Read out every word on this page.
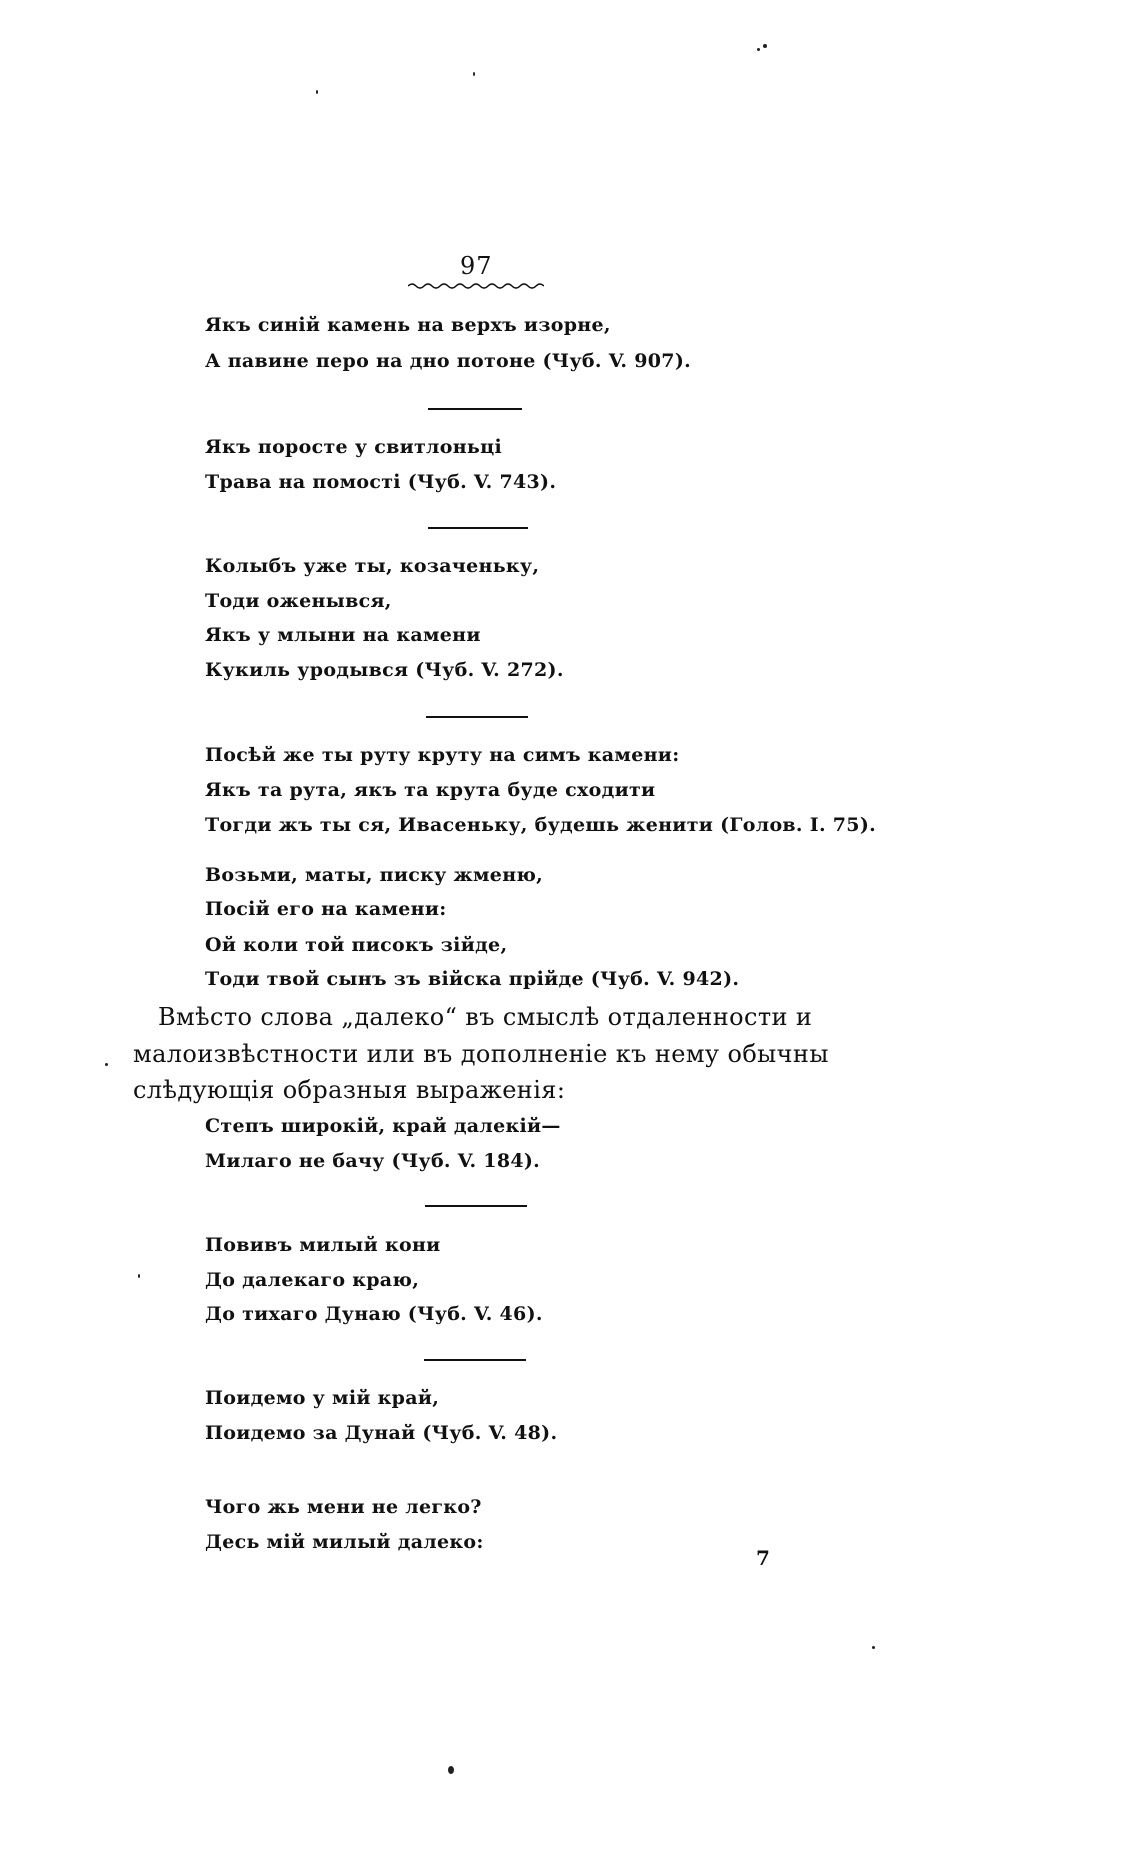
97
Якъ синій камень на верхъ изорне,
А павине перо на дно потоне (Чуб. V. 907).
Якъ поросте у свитлоньці
Трава на помості (Чуб. V. 743).
Колыбъ уже ты, козаченьку,
Тоди оженывся,
Якъ у млыни на камени
Кукиль уродывся (Чуб. V. 272).
Посѣй же ты руту круту на симъ камени:
Якъ та рута, якъ та крута буде сходити
Тогди жъ ты ся, Ивасеньку, будешь женити (Голов. I. 75).
Возьми, маты, писку жменю,
Посій его на камени:
Ой коли той писокъ зійде,
Тоди твой сынъ зъ війска прійде (Чуб. V. 942).
Вмѣсто слова „далеко“ въ смыслѣ отдаленности и
малоизвѣстности или въ дополненіе къ нему обычны
слѣдующія образныя выраженія:
Степъ широкій, край далекій—
Милаго не бачу (Чуб. V. 184).
Повивъ милый кони
До далекаго краю,
До тихаго Дунаю (Чуб. V. 46).
Поидемо у мій край,
Поидемо за Дунай (Чуб. V. 48).
Чого жь мени не легко?
Десь мій милый далеко:
7
